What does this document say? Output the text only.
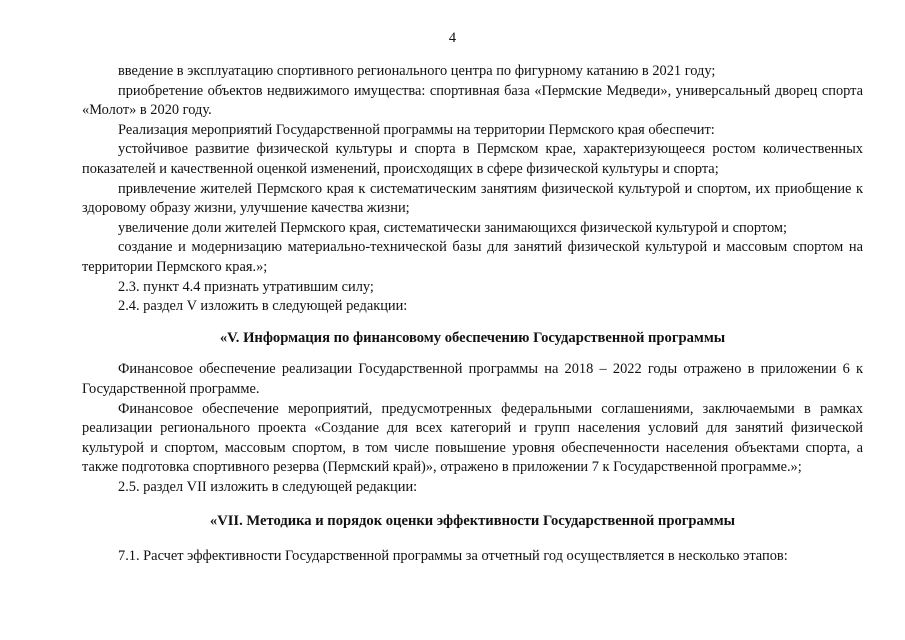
4

введение в эксплуатацию спортивного регионального центра по фигурному катанию в 2021 году;

приобретение объектов недвижимого имущества: спортивная база «Пермские Медведи», универсальный дворец спорта «Молот» в 2020 году.

Реализация мероприятий Государственной программы на территории Пермского края обеспечит:

устойчивое развитие физической культуры и спорта в Пермском крае, характеризующееся ростом количественных показателей и качественной оценкой изменений, происходящих в сфере физической культуры и спорта;

привлечение жителей Пермского края к систематическим занятиям физической культурой и спортом, их приобщение к здоровому образу жизни, улучшение качества жизни;

увеличение доли жителей Пермского края, систематически занимающихся физической культурой и спортом;

создание и модернизацию материально-технической базы для занятий физической культурой и массовым спортом на территории Пермского края.»;

2.3. пункт 4.4 признать утратившим силу;

2.4. раздел V изложить в следующей редакции:

«V. Информация по финансовому обеспечению Государственной программы

Финансовое обеспечение реализации Государственной программы на 2018 – 2022 годы отражено в приложении 6 к Государственной программе.

Финансовое обеспечение мероприятий, предусмотренных федеральными соглашениями, заключаемыми в рамках реализации регионального проекта «Создание для всех категорий и групп населения условий для занятий физической культурой и спортом, массовым спортом, в том числе повышение уровня обеспеченности населения объектами спорта, а также подготовка спортивного резерва (Пермский край)», отражено в приложении 7 к Государственной программе.»;

2.5. раздел VII изложить в следующей редакции:

«VII. Методика и порядок оценки эффективности Государственной программы

7.1. Расчет эффективности Государственной программы за отчетный год осуществляется в несколько этапов:
